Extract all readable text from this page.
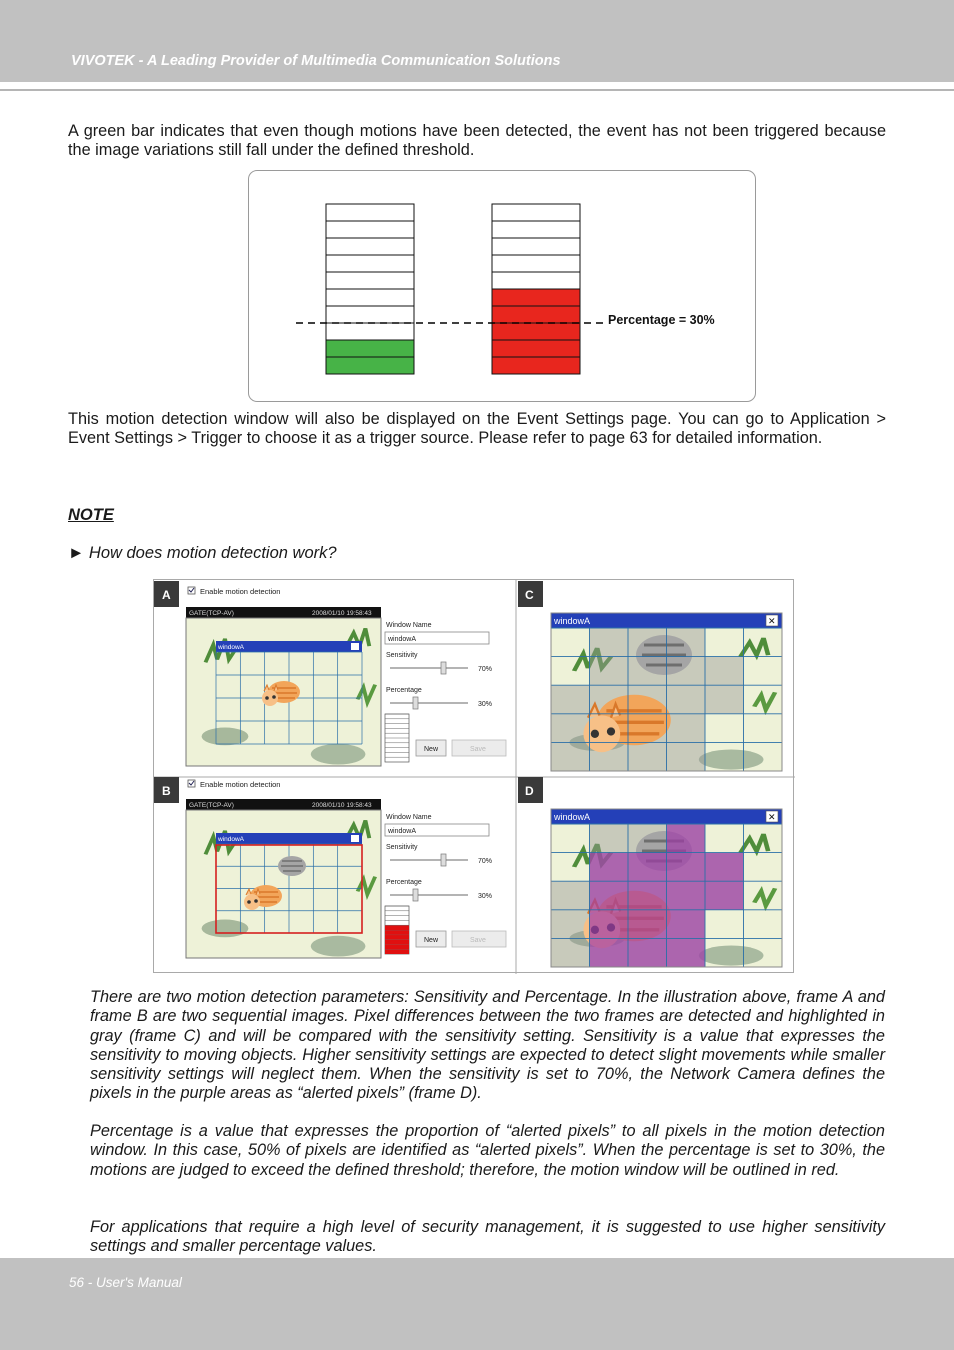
VIVOTEK - A Leading Provider of Multimedia Communication Solutions

A green bar indicates that even though motions have been detected, the event has not been triggered because the image variations still fall under the defined threshold.

Percentage = 30%

This motion detection window will also be displayed on the Event Settings page. You can go to Application > Event Settings > Trigger to choose it as a trigger source. Please refer to page 63 for detailed information.

NOTE

► How does motion detection work?

A	Enable motion detection
GATE(TCP-AV)	2008/01/10 19:58:43
windowA
Window Name
windowA
Sensitivity
70%
Percentage
30%
New	Save
B	Enable motion detection
GATE(TCP-AV)	2008/01/10 19:58:43
windowA
Window Name
windowA
Sensitivity
70%
Percentage
30%
New	Save
C
windowA	✕
D
windowA	✕

There are two motion detection parameters: Sensitivity and Percentage. In the illustration above, frame A and frame B are two sequential images. Pixel differences between the two frames are detected and highlighted in gray (frame C) and will be compared with the sensitivity setting. Sensitivity is a value that expresses the sensitivity to moving objects. Higher sensitivity settings are expected to detect slight movements while smaller sensitivity settings will neglect them. When the sensitivity is set to 70%, the Network Camera defines the pixels in the purple areas as “alerted pixels” (frame D).

Percentage is a value that expresses the proportion of “alerted pixels” to all pixels in the motion detection window. In this case, 50% of pixels are identified as “alerted pixels”. When the percentage is set to 30%, the motions are judged to exceed the defined threshold; therefore, the motion window will be outlined in red.

For applications that require a high level of security management, it is suggested to use higher sensitivity settings and smaller percentage values.

56 - User's Manual
